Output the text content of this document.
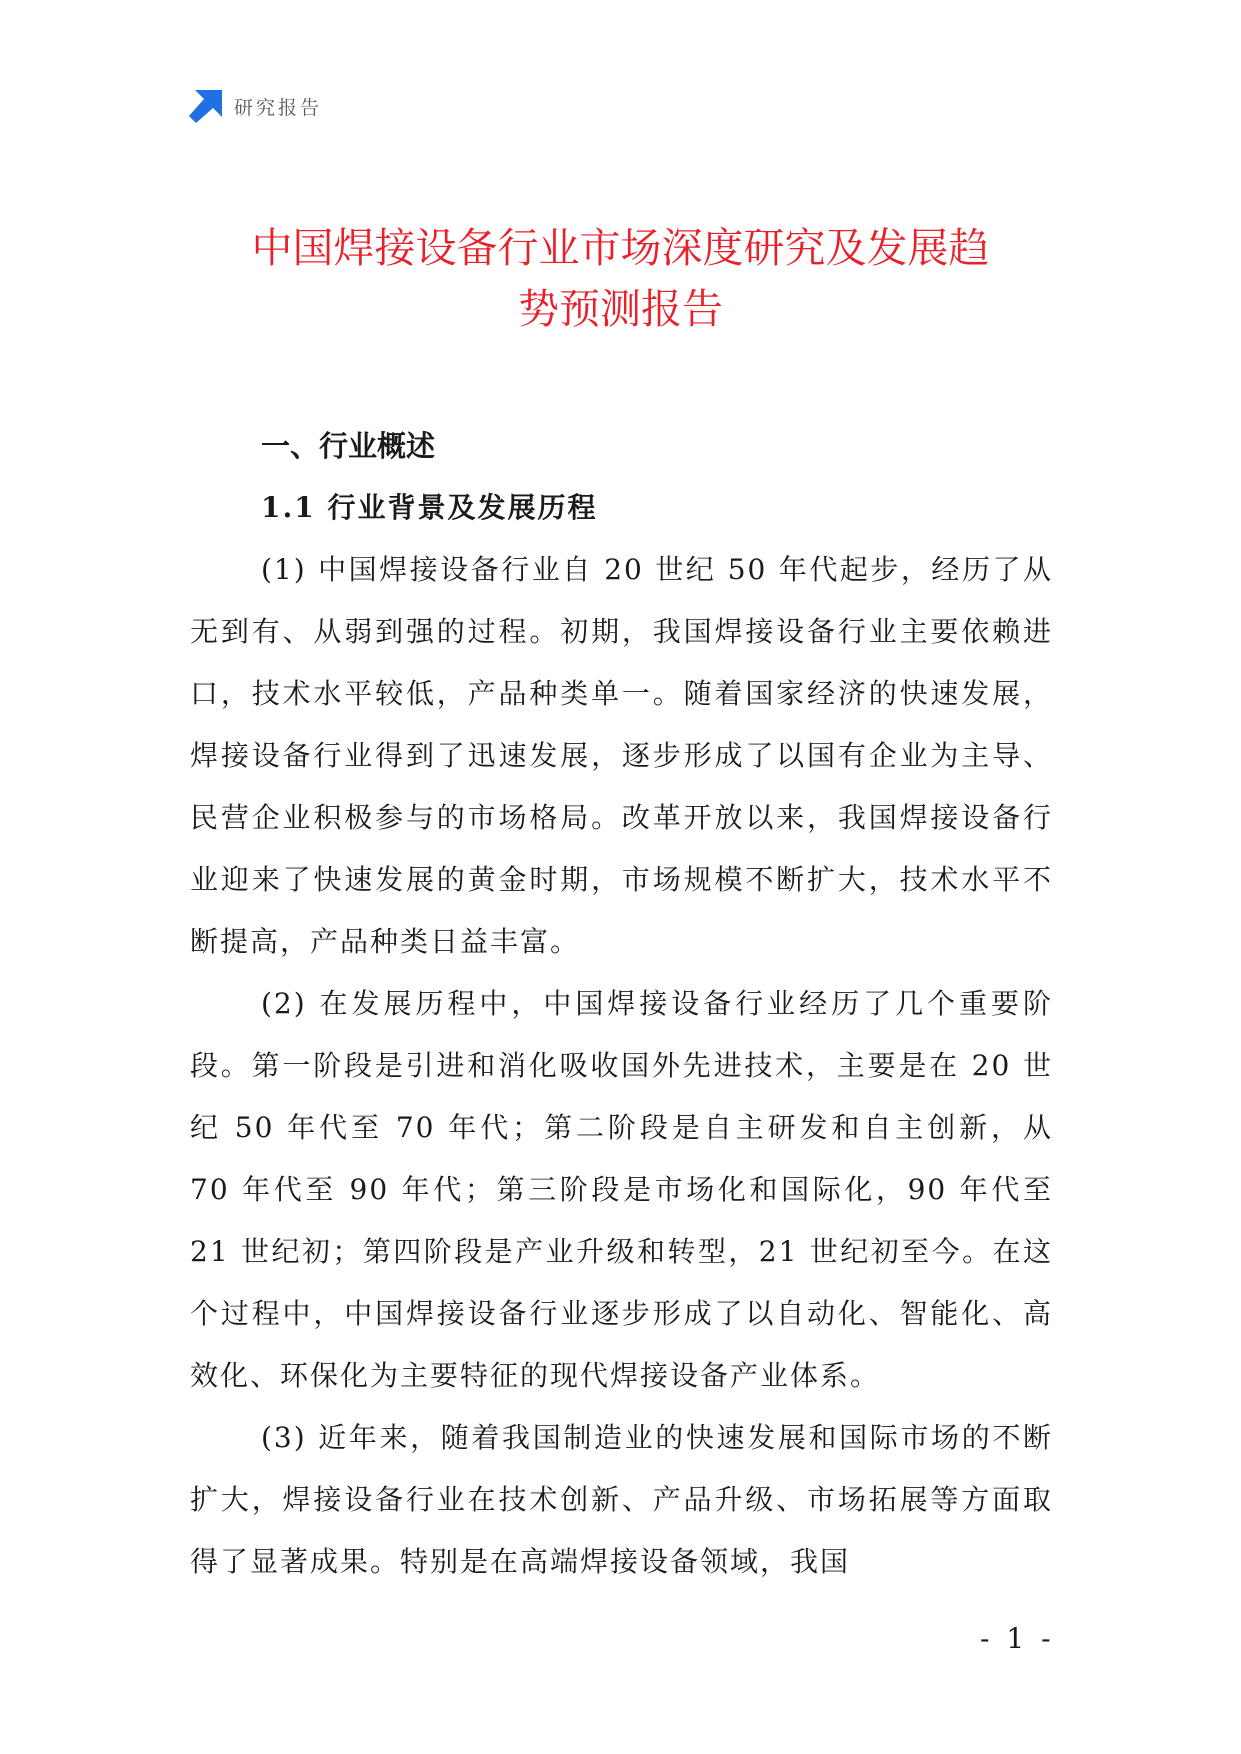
研究报告
中国焊接设备行业市场深度研究及发展趋
势预测报告
一、行业概述
1.1 行业背景及发展历程

(1) 中国焊接设备行业自 20 世纪 50 年代起步，经历了从无到有、从弱到强的过程。初期，我国焊接设备行业主要依赖进口，技术水平较低，产品种类单一。随着国家经济的快速发展，焊接设备行业得到了迅速发展，逐步形成了以国有企业为主导、民营企业积极参与的市场格局。改革开放以来，我国焊接设备行业迎来了快速发展的黄金时期，市场规模不断扩大，技术水平不断提高，产品种类日益丰富。

(2) 在发展历程中，中国焊接设备行业经历了几个重要阶段。第一阶段是引进和消化吸收国外先进技术，主要是在 20 世纪 50 年代至 70 年代；第二阶段是自主研发和自主创新，从 70 年代至 90 年代；第三阶段是市场化和国际化，90 年代至 21 世纪初；第四阶段是产业升级和转型，21 世纪初至今。在这个过程中，中国焊接设备行业逐步形成了以自动化、智能化、高效化、环保化为主要特征的现代焊接设备产业体系。

(3) 近年来，随着我国制造业的快速发展和国际市场的不断扩大，焊接设备行业在技术创新、产品升级、市场拓展等方面取得了显著成果。特别是在高端焊接设备领域，我国

- 1 -
